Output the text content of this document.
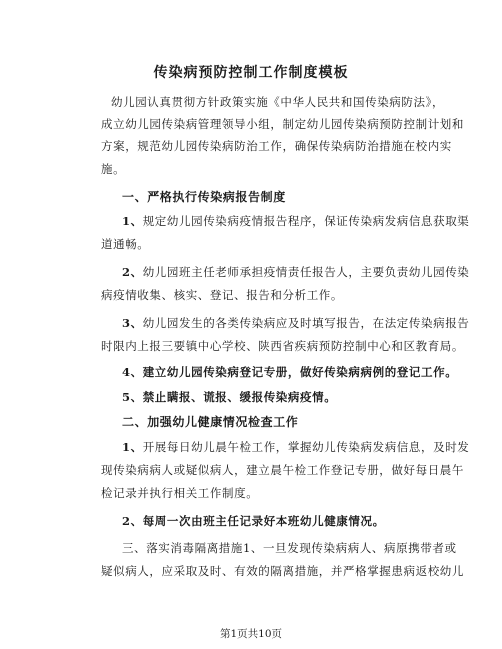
传染病预防控制工作制度模板
幼儿园认真贯彻方针政策实施《中华人民共和国传染病防法》，
成立幼儿园传染病管理领导小组，制定幼儿园传染病预防控制计划和
方案，规范幼儿园传染病防治工作，确保传染病防治措施在校内实
施。
一、严格执行传染病报告制度
1、规定幼儿园传染病疫情报告程序，保证传染病发病信息获取渠
道通畅。
2、幼儿园班主任老师承担疫情责任报告人，主要负责幼儿园传染
病疫情收集、核实、登记、报告和分析工作。
3、幼儿园发生的各类传染病应及时填写报告，在法定传染病报告
时限内上报三要镇中心学校、陕西省疾病预防控制中心和区教育局。
4、建立幼儿园传染病登记专册，做好传染病病例的登记工作。
5、禁止瞒报、谎报、缓报传染病疫情。
二、加强幼儿健康情况检查工作
1、开展每日幼儿晨午检工作，掌握幼儿传染病发病信息，及时发
现传染病病人或疑似病人，建立晨午检工作登记专册，做好每日晨午
检记录并执行相关工作制度。
2、每周一次由班主任记录好本班幼儿健康情况。
三、落实消毒隔离措施1、一旦发现传染病病人、病原携带者或
疑似病人，应采取及时、有效的隔离措施，并严格掌握患病返校幼儿
第1页共10页
